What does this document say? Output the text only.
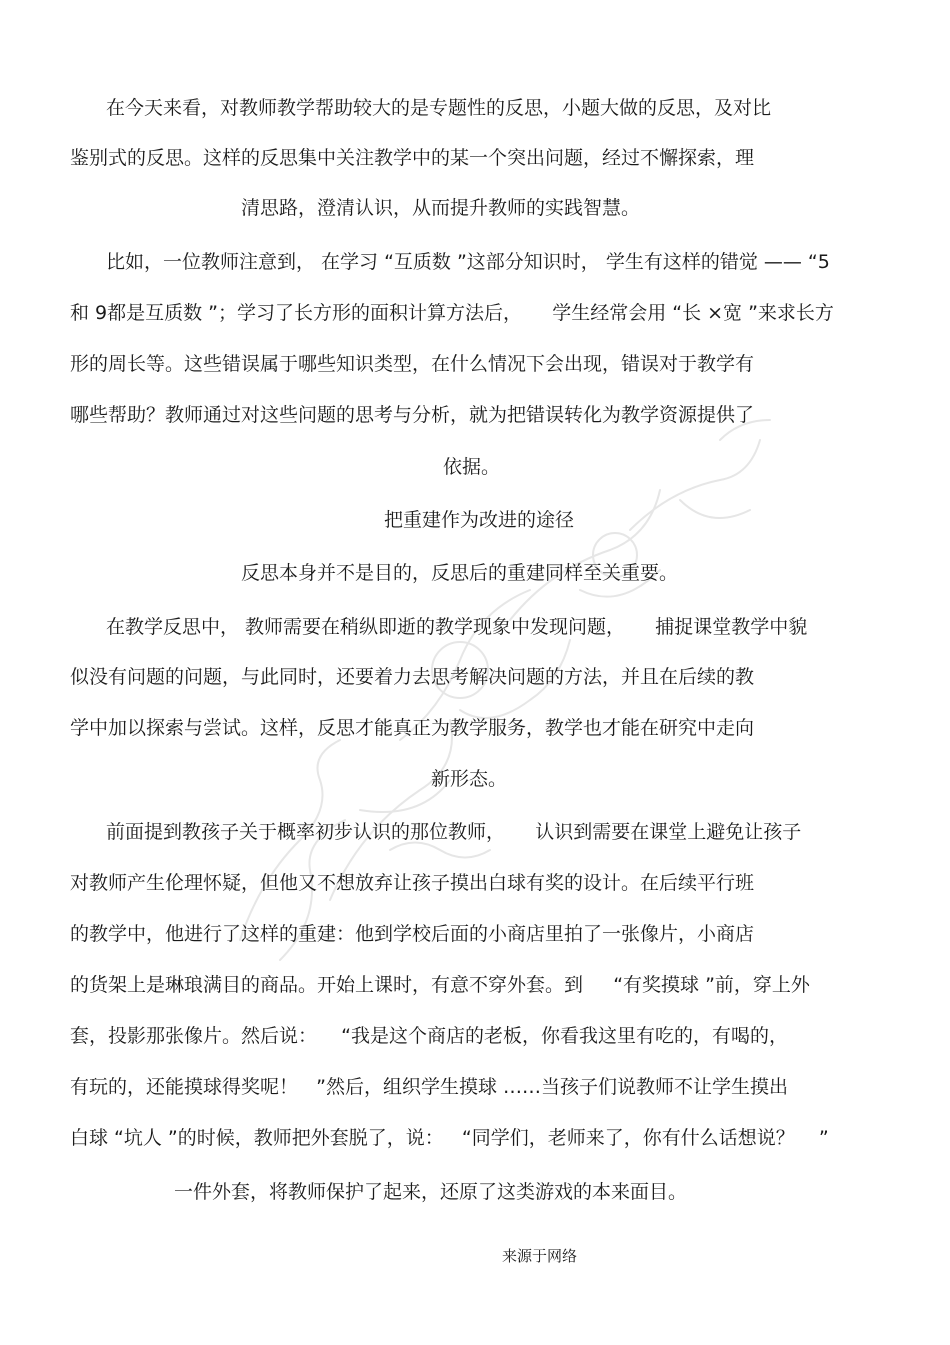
在今天来看，对教师教学帮助较大的是专题性的反思，小题大做的反思，及对比
鉴别式的反思。这样的反思集中关注教学中的某一个突出问题，经过不懈探索，理
清思路，澄清认识，从而提升教师的实践智慧。
比如，一位教师注意到， 在学习 “互质数 ”这部分知识时， 学生有这样的错觉 —— “5
和 9都是互质数 ”；学习了长方形的面积计算方法后，     学生经常会用 “长 ×宽 ”来求长方
形的周长等。这些错误属于哪些知识类型，在什么情况下会出现，错误对于教学有
哪些帮助？教师通过对这些问题的思考与分析，就为把错误转化为教学资源提供了
依据。
把重建作为改进的途径
反思本身并不是目的，反思后的重建同样至关重要。
在教学反思中， 教师需要在稍纵即逝的教学现象中发现问题，     捕捉课堂教学中貌
似没有问题的问题，与此同时，还要着力去思考解决问题的方法，并且在后续的教
学中加以探索与尝试。这样，反思才能真正为教学服务，教学也才能在研究中走向
新形态。
前面提到教孩子关于概率初步认识的那位教师，     认识到需要在课堂上避免让孩子
对教师产生伦理怀疑，但他又不想放弃让孩子摸出白球有奖的设计。在后续平行班
的教学中，他进行了这样的重建：他到学校后面的小商店里拍了一张像片，小商店
的货架上是琳琅满目的商品。开始上课时，有意不穿外套。到     “有奖摸球 ”前，穿上外
套，投影那张像片。然后说：    “我是这个商店的老板，你看我这里有吃的，有喝的，
有玩的，还能摸球得奖呢！   ”然后，组织学生摸球 ……当孩子们说教师不让学生摸出
白球 “坑人 ”的时候，教师把外套脱了，说：   “同学们，老师来了，你有什么话想说？    ”
一件外套，将教师保护了起来，还原了这类游戏的本来面目。
来源于网络
